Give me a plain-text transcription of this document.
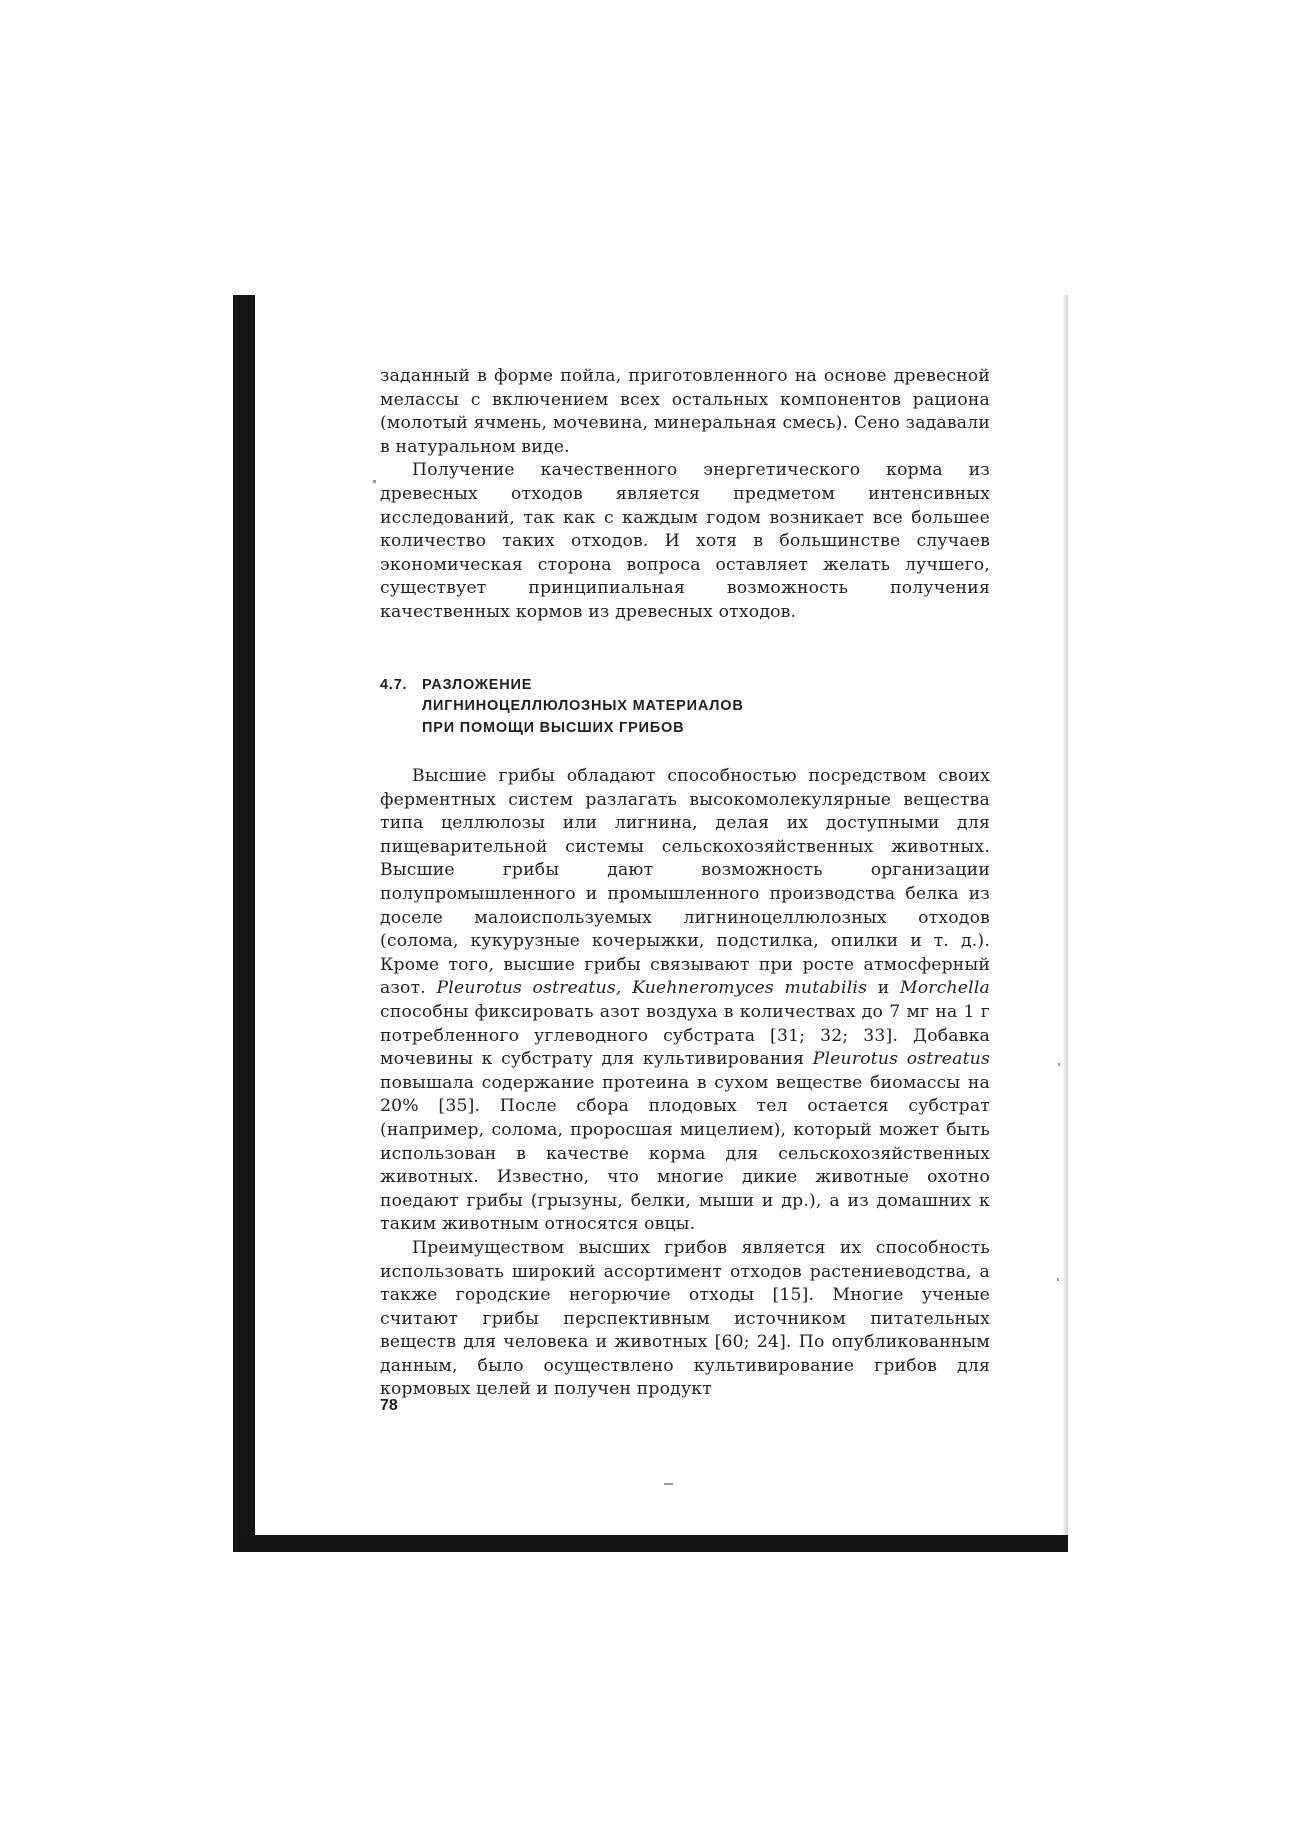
заданный в форме пойла, приготовленного на основе древесной мелассы с включением всех остальных компонентов рациона (молотый ячмень, мочевина, минеральная смесь). Сено задавали в натуральном виде.

Получение качественного энергетического корма из древесных отходов является предметом интенсивных исследований, так как с каждым годом возникает все большее количество таких отходов. И хотя в большинстве случаев экономическая сторона вопроса оставляет желать лучшего, существует принципиальная возможность получения качественных кормов из древесных отходов.

4.7.	РАЗЛОЖЕНИЕ
ЛИГНИНОЦЕЛЛЮЛОЗНЫХ МАТЕРИАЛОВ
ПРИ ПОМОЩИ ВЫСШИХ ГРИБОВ

Высшие грибы обладают способностью посредством своих ферментных систем разлагать высокомолекулярные вещества типа целлюлозы или лигнина, делая их доступными для пищеварительной системы сельскохозяйственных животных. Высшие грибы дают возможность организации полупромышленного и промышленного производства белка из доселе малоиспользуемых лигниноцеллюлозных отходов (солома, кукурузные кочерыжки, подстилка, опилки и т. д.). Кроме того, высшие грибы связывают при росте атмосферный азот. Pleurotus ostreatus, Kuehneromyces mutabilis и Morchella способны фиксировать азот воздуха в количествах до 7 мг на 1 г потребленного углеводного субстрата [31; 32; 33]. Добавка мочевины к субстрату для культивирования Pleurotus ostreatus повышала содержание протеина в сухом веществе биомассы на 20% [35]. После сбора плодовых тел остается субстрат (например, солома, проросшая мицелием), который может быть использован в качестве корма для сельскохозяйственных животных. Известно, что многие дикие животные охотно поедают грибы (грызуны, белки, мыши и др.), а из домашних к таким животным относятся овцы.

Преимуществом высших грибов является их способность использовать широкий ассортимент отходов растениеводства, а также городские негорючие отходы [15]. Многие ученые считают грибы перспективным источником питательных веществ для человека и животных [60; 24]. По опубликованным данным, было осуществлено культивирование грибов для кормовых целей и получен продукт

78
